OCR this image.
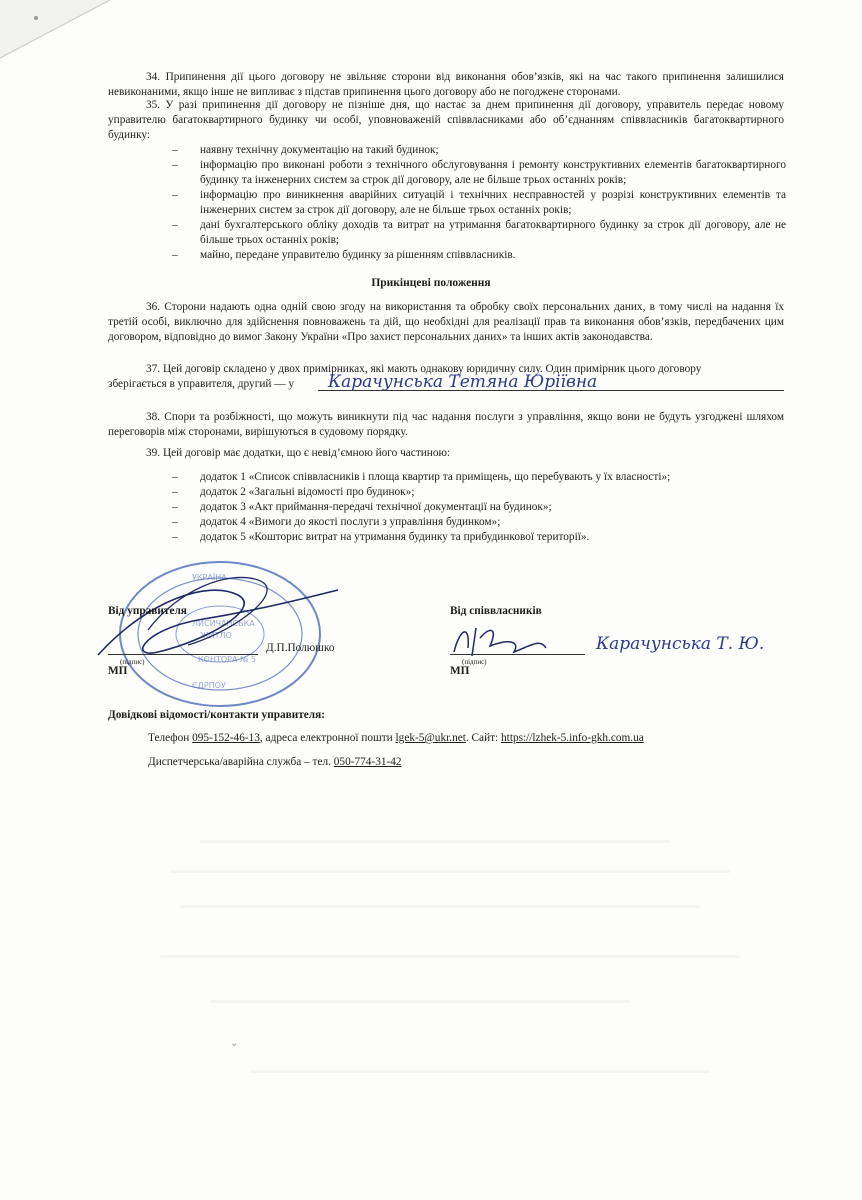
34. Припинення дії цього договору не звільняє сторони від виконання обов’язків, які на час такого припинення залишилися невиконаними, якщо інше не випливає з підстав припинення цього договору або не погоджене сторонами.
35. У разі припинення дії договору не пізніше дня, що настає за днем припинення дії договору, управитель передає новому управителю багатоквартирного будинку чи особі, уповноваженій співвласниками або об’єднанням співвласників багатоквартирного будинку:
– наявну технічну документацію на такий будинок;
– інформацію про виконані роботи з технічного обслуговування і ремонту конструктивних елементів багатоквартирного будинку та інженерних систем за строк дії договору, але не більше трьох останніх років;
– інформацію про виникнення аварійних ситуацій і технічних несправностей у розрізі конструктивних елементів та інженерних систем за строк дії договору, але не більше трьох останніх років;
– дані бухгалтерського обліку доходів та витрат на утримання багатоквартирного будинку за строк дії договору, але не більше трьох останніх років;
– майно, передане управителю будинку за рішенням співвласників.
Прикінцеві положення
36. Сторони надають одна одній свою згоду на використання та обробку своїх персональних даних, в тому числі на надання їх третій особі, виключно для здійснення повноважень та дій, що необхідні для реалізації прав та виконання обов’язків, передбачених цим договором, відповідно до вимог Закону України «Про захист персональних даних» та інших актів законодавства.
37. Цей договір складено у двох примірниках, які мають однакову юридичну силу. Один примірник цього договору
зберігається в управителя, другий — у Карачунська Тетяна Юріївна
38. Спори та розбіжності, що можуть виникнути під час надання послуги з управління, якщо вони не будуть узгоджені шляхом переговорів між сторонами, вирішуються в судовому порядку.
39. Цей договір має додатки, що є невід’ємною його частиною:
– додаток 1 «Список співвласників і площа квартир та приміщень, що перебувають у їх власності»;
– додаток 2 «Загальні відомості про будинок»;
– додаток 3 «Акт приймання-передачі технічної документації на будинок»;
– додаток 4 «Вимоги до якості послуги з управління будинком»;
– додаток 5 «Кошторис витрат на утримання будинку та прибудинкової території».
УКРАЇНА
ЛИСИЧАНСЬКА
ЖИТЛО
КОНТОРА № 5
ЄДРПОУ
Від управителя
Д.П.Полюшко
(підпис)
МП
Від співвласників
Карачунська Т. Ю.
(підпис)
МП
Довідкові відомості/контакти управителя:
Телефон 095-152-46-13, адреса електронної пошти lgek-5@ukr.net. Сайт: https://lzhek-5.info-gkh.com.ua
Диспетчерська/аварійна служба – тел. 050-774-31-42
⌄
